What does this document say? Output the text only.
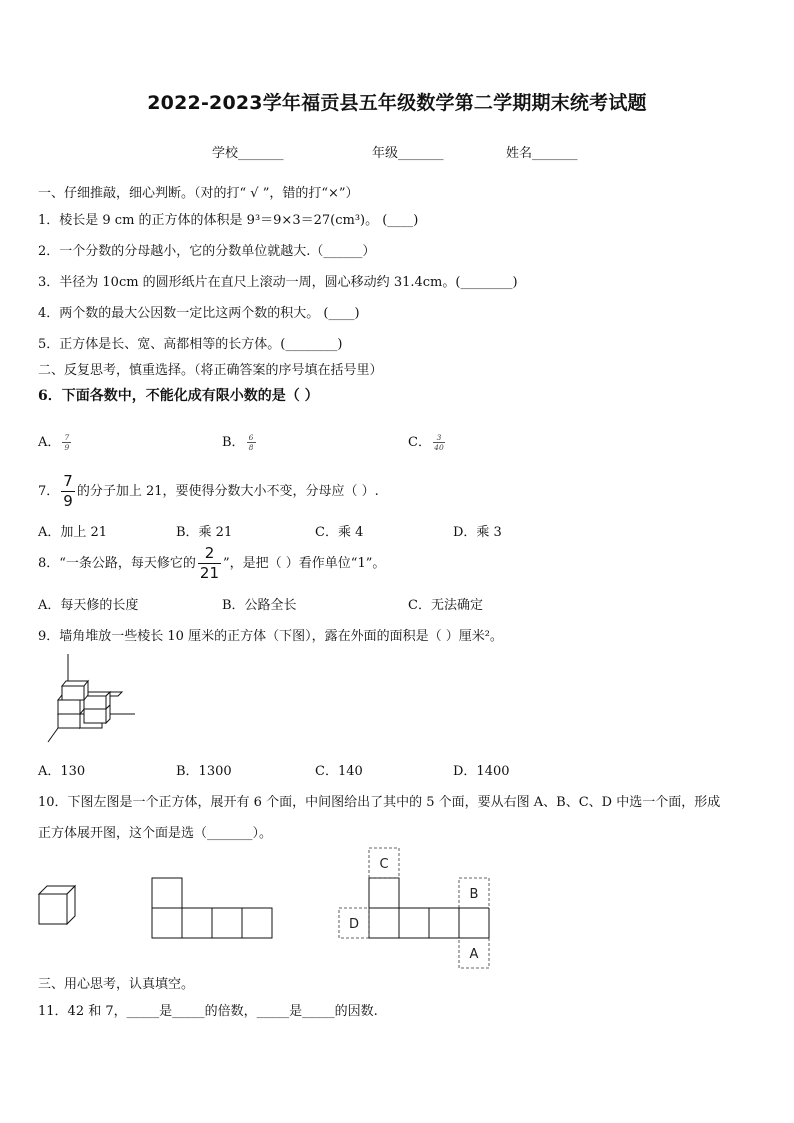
2022-2023学年福贡县五年级数学第二学期期末统考试题
学校_______	年级_______	姓名_______
一、仔细推敲，细心判断。（对的打“ √ ”，错的打“×”）
1．棱长是 9 cm 的正方体的体积是 9³＝9×3＝27(cm³)。 (____)
2．一个分数的分母越小，它的分数单位就越大.（______）
3．半径为 10cm 的圆形纸片在直尺上滚动一周，圆心移动约 31.4cm。(________)
4．两个数的最大公因数一定比这两个数的积大。 (____)
5．正方体是长、宽、高都相等的长方体。(________)
二、反复思考，慎重选择。（将正确答案的序号填在括号里）
6．下面各数中，不能化成有限小数的是（ ）
A． $\frac{7}{9}$	B． $\frac{6}{8}$	C． $\frac{3}{40}$
7． $\frac{7}{9}$ 的分子加上 21，要使得分数大小不变，分母应（ ）.
A．加上 21	B．乘 21	C．乘 4	D．乘 3
8．“一条公路，每天修它的 $\frac{2}{21}$ ”，是把（ ）看作单位“1”。
A．每天修的长度	B．公路全长	C．无法确定
9．墙角堆放一些棱长 10 厘米的正方体（下图），露在外面的面积是（ ）厘米²。
A．130	B．1300	C．140	D．1400
10．下图左图是一个正方体，展开有 6 个面，中间图给出了其中的 5 个面，要从右图 A、B、C、D 中选一个面，形成
正方体展开图，这个面是选（_______）。
C
B
D
A
三、用心思考，认真填空。
11．42 和 7，_____是_____的倍数，_____是_____的因数.
